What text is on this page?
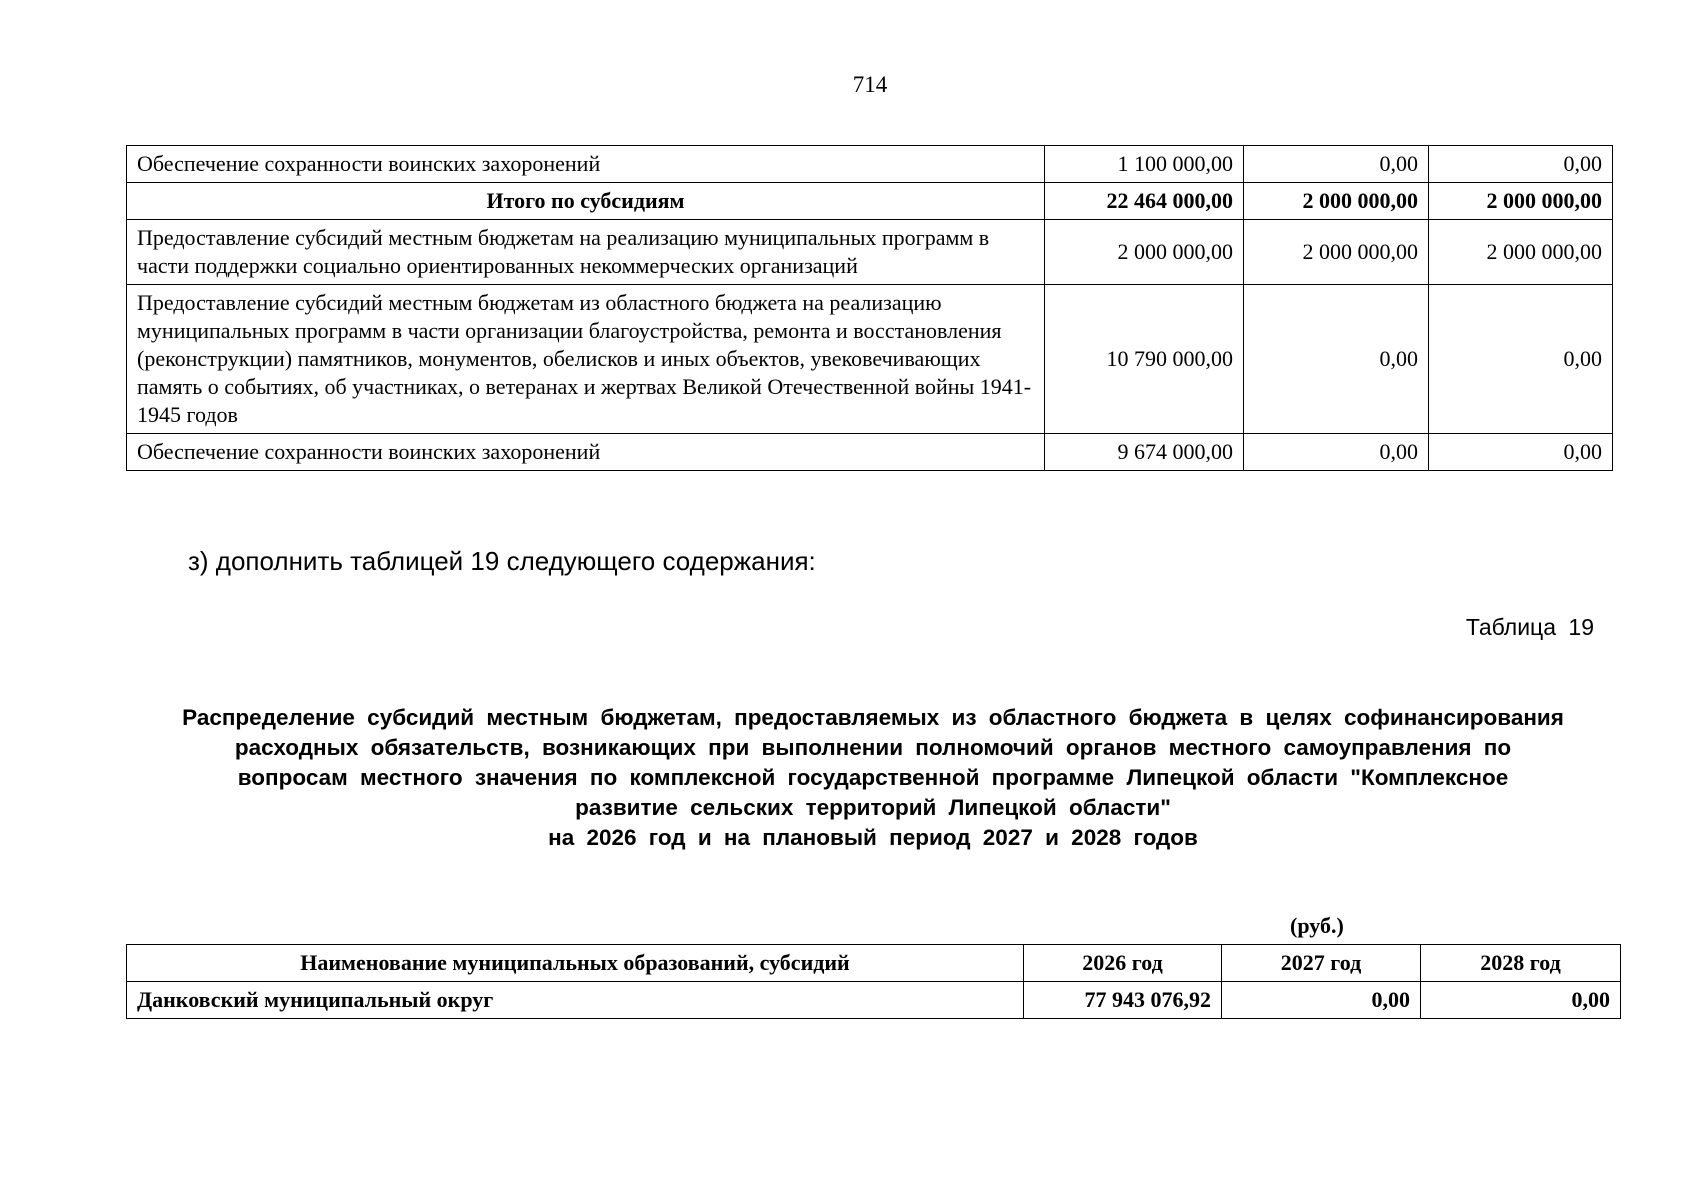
714
Обеспечение сохранности воинских захоронений	1 100 000,00	0,00	0,00
Итого по субсидиям	22 464 000,00	2 000 000,00	2 000 000,00
Предоставление субсидий местным бюджетам на реализацию муниципальных программ в части поддержки социально ориентированных некоммерческих организаций	2 000 000,00	2 000 000,00	2 000 000,00
Предоставление субсидий местным бюджетам из областного бюджета на реализацию муниципальных программ в части организации благоустройства, ремонта и восстановления (реконструкции) памятников, монументов, обелисков и иных объектов, увековечивающих память о событиях, об участниках, о ветеранах и жертвах Великой Отечественной войны 1941-1945 годов	10 790 000,00	0,00	0,00
Обеспечение сохранности воинских захоронений	9 674 000,00	0,00	0,00
з) дополнить таблицей 19 следующего содержания:
Таблица 19
Распределение субсидий местным бюджетам, предоставляемых из областного бюджета в целях софинансирования
расходных обязательств, возникающих при выполнении полномочий органов местного самоуправления по
вопросам местного значения по комплексной государственной программе Липецкой области "Комплексное
развитие сельских территорий Липецкой области"
на 2026 год и на плановый период 2027 и 2028 годов
(руб.)
Наименование муниципальных образований, субсидий	2026 год	2027 год	2028 год
Данковский муниципальный округ	77 943 076,92	0,00	0,00
